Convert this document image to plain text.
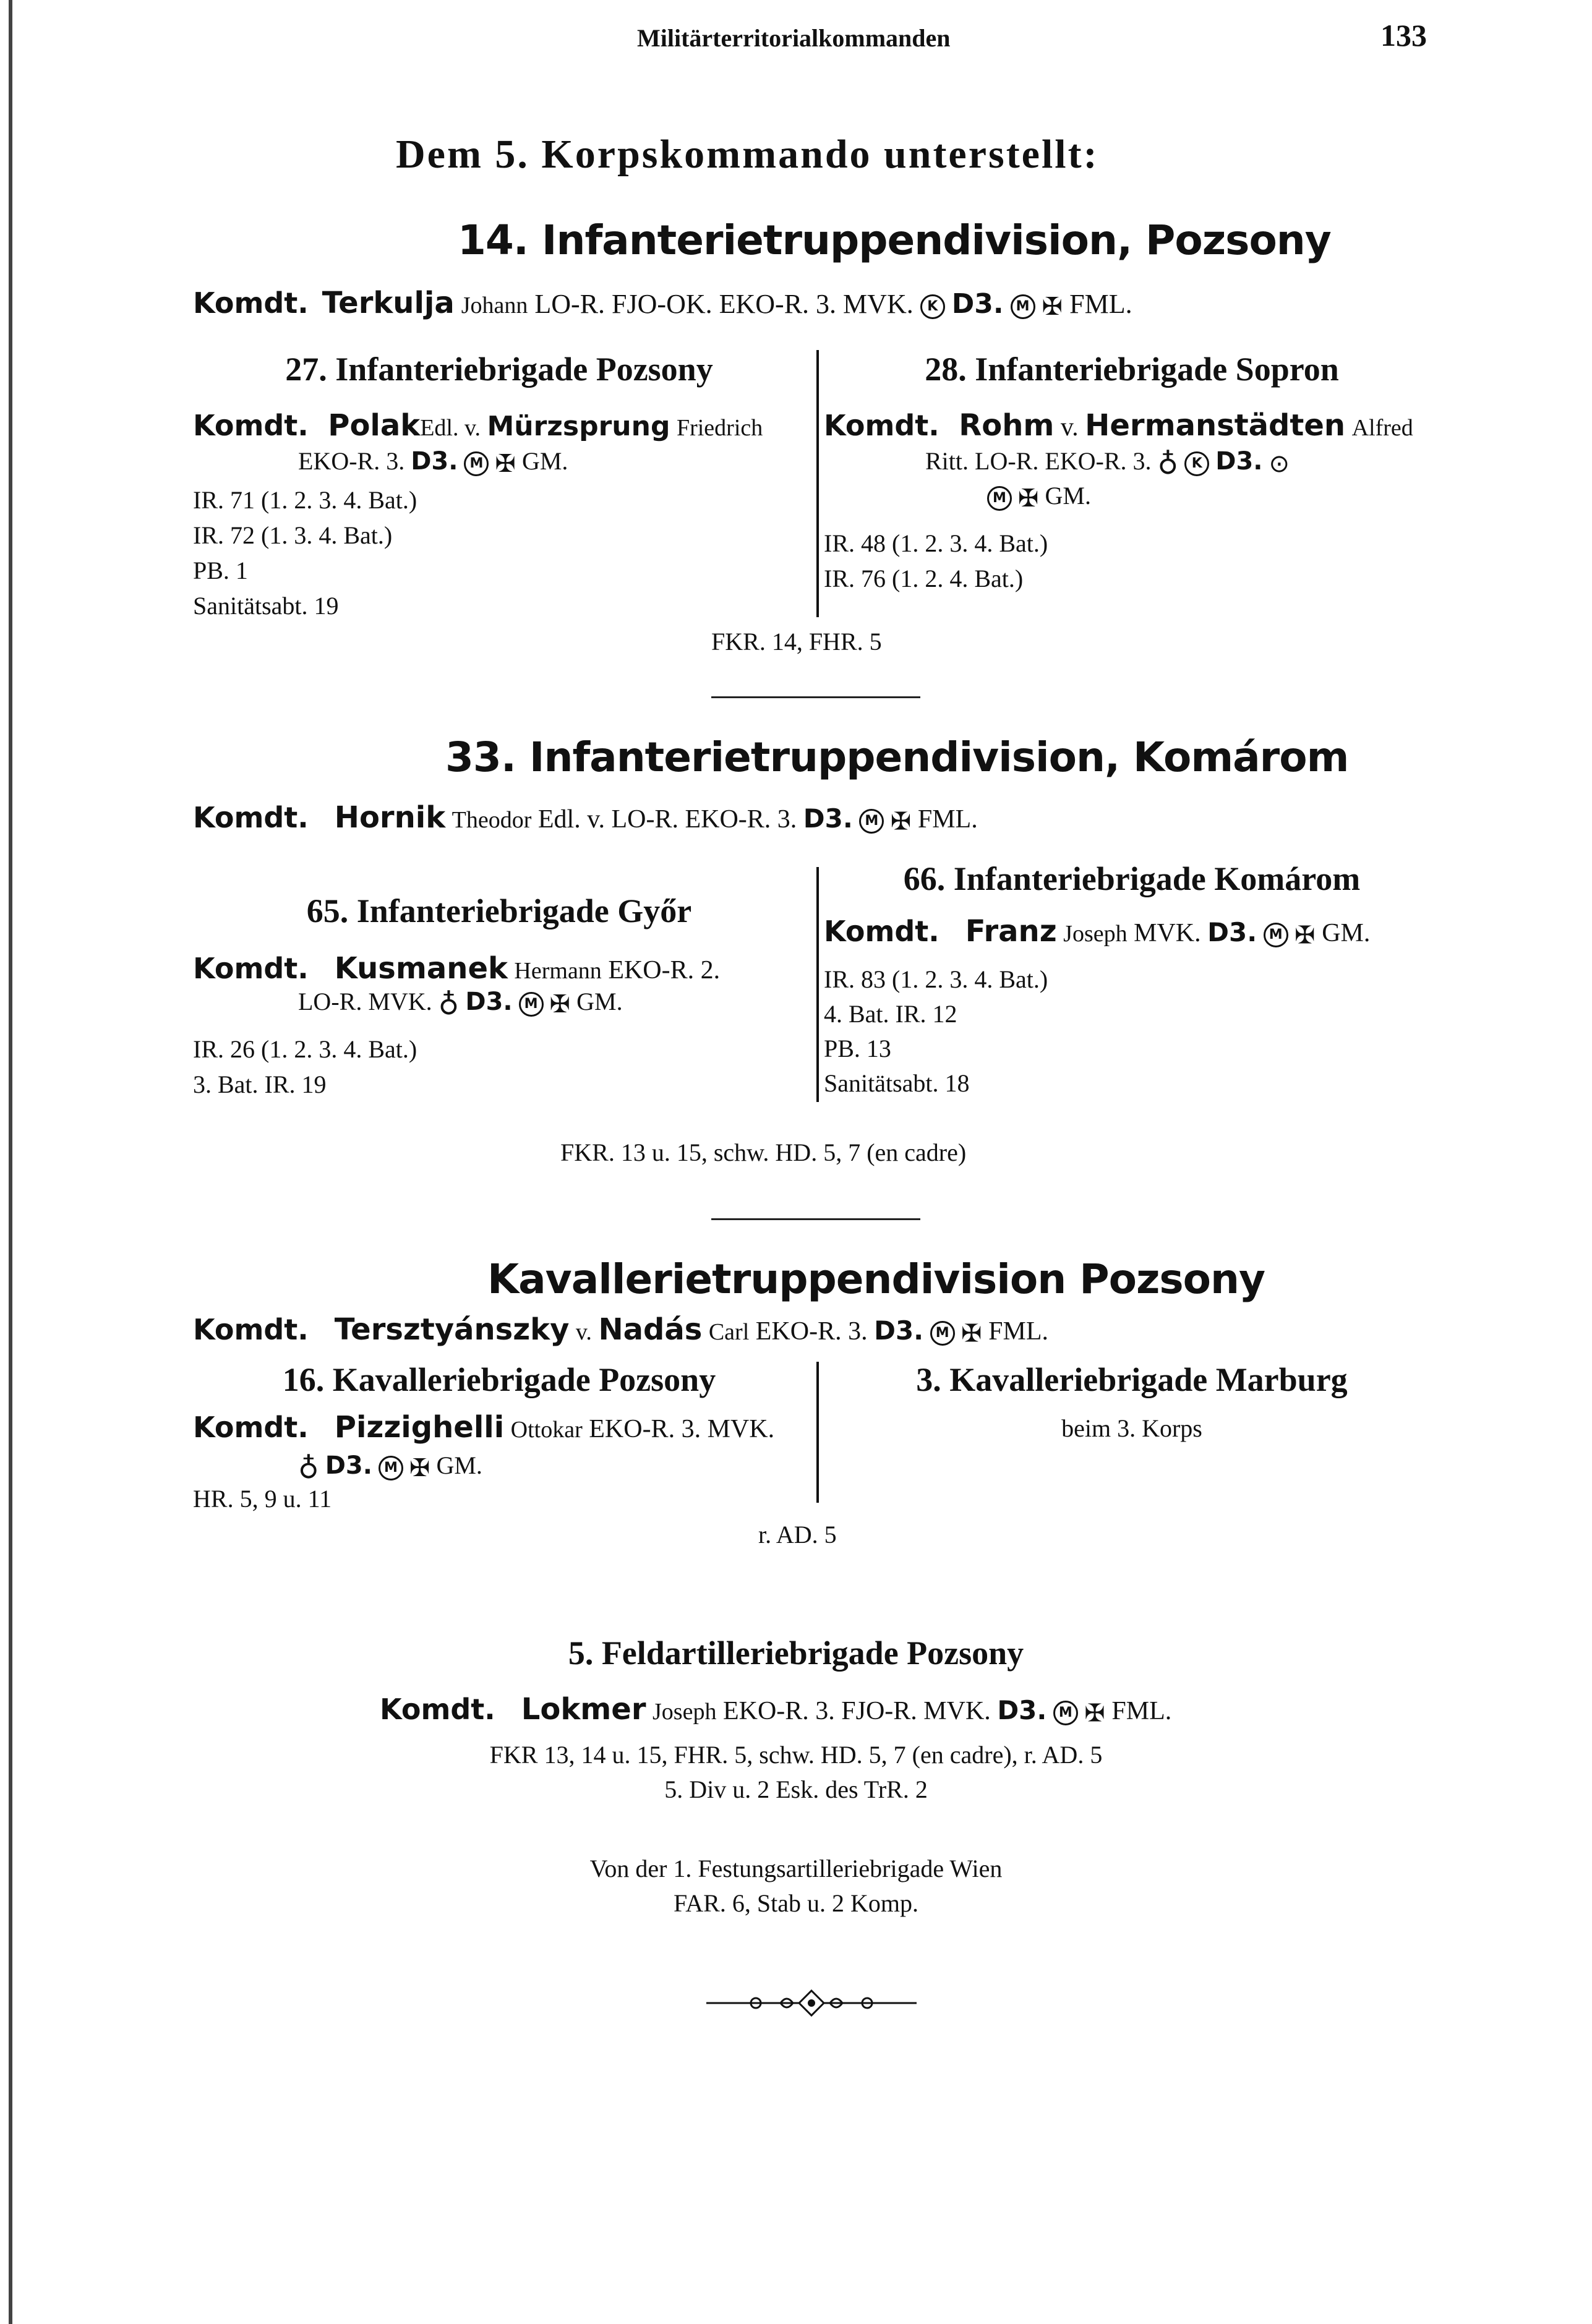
Militärterritorialkommanden	133
Dem 5. Korpskommando unterstellt:
14. Infanterietruppendivision, Pozsony
Komdt. Terkulja Johann LO-R. FJO-OK. EKO-R. 3. MVK. K D3. M ✠ FML.
27. Infanteriebrigade Pozsony
Komdt. PolakEdl. v. Mürzsprung Friedrich
EKO-R. 3. D3. M ✠ GM.

IR. 71 (1. 2. 3. 4. Bat.)

IR. 72 (1. 3. 4. Bat.)

PB. 1

Sanitätsabt. 19

28. Infanteriebrigade Sopron
Komdt. Rohm v. Hermanstädten Alfred
Ritt. LO-R. EKO-R. 3. ♁ K D3. ⊙
M ✠ GM.

IR. 48 (1. 2. 3. 4. Bat.)

IR. 76 (1. 2. 4. Bat.)

FKR. 14, FHR. 5
33. Infanterietruppendivision, Komárom
Komdt. Hornik Theodor Edl. v. LO-R. EKO-R. 3. D3. M ✠ FML.
65. Infanteriebrigade Győr
Komdt. Kusmanek Hermann EKO-R. 2.
LO-R. MVK. ♁ D3. M ✠ GM.

IR. 26 (1. 2. 3. 4. Bat.)

3. Bat. IR. 19

66. Infanteriebrigade Komárom
Komdt. Franz Joseph MVK. D3. M ✠ GM.

IR. 83 (1. 2. 3. 4. Bat.)

4. Bat. IR. 12

PB. 13

Sanitätsabt. 18

FKR. 13 u. 15, schw. HD. 5, 7 (en cadre)
Kavallerietruppendivision Pozsony
Komdt. Tersztyánszky v. Nadás Carl EKO-R. 3. D3. M ✠ FML.
16. Kavalleriebrigade Pozsony
Komdt. Pizzighelli Ottokar EKO-R. 3. MVK.
♁ D3. M ✠ GM.
HR. 5, 9 u. 11
3. Kavalleriebrigade Marburg
beim 3. Korps
r. AD. 5
5. Feldartilleriebrigade Pozsony
Komdt. Lokmer Joseph EKO-R. 3. FJO-R. MVK. D3. M ✠ FML.
FKR 13, 14 u. 15, FHR. 5, schw. HD. 5, 7 (en cadre), r. AD. 5
5. Div u. 2 Esk. des TrR. 2
Von der 1. Festungsartilleriebrigade Wien
FAR. 6, Stab u. 2 Komp.
